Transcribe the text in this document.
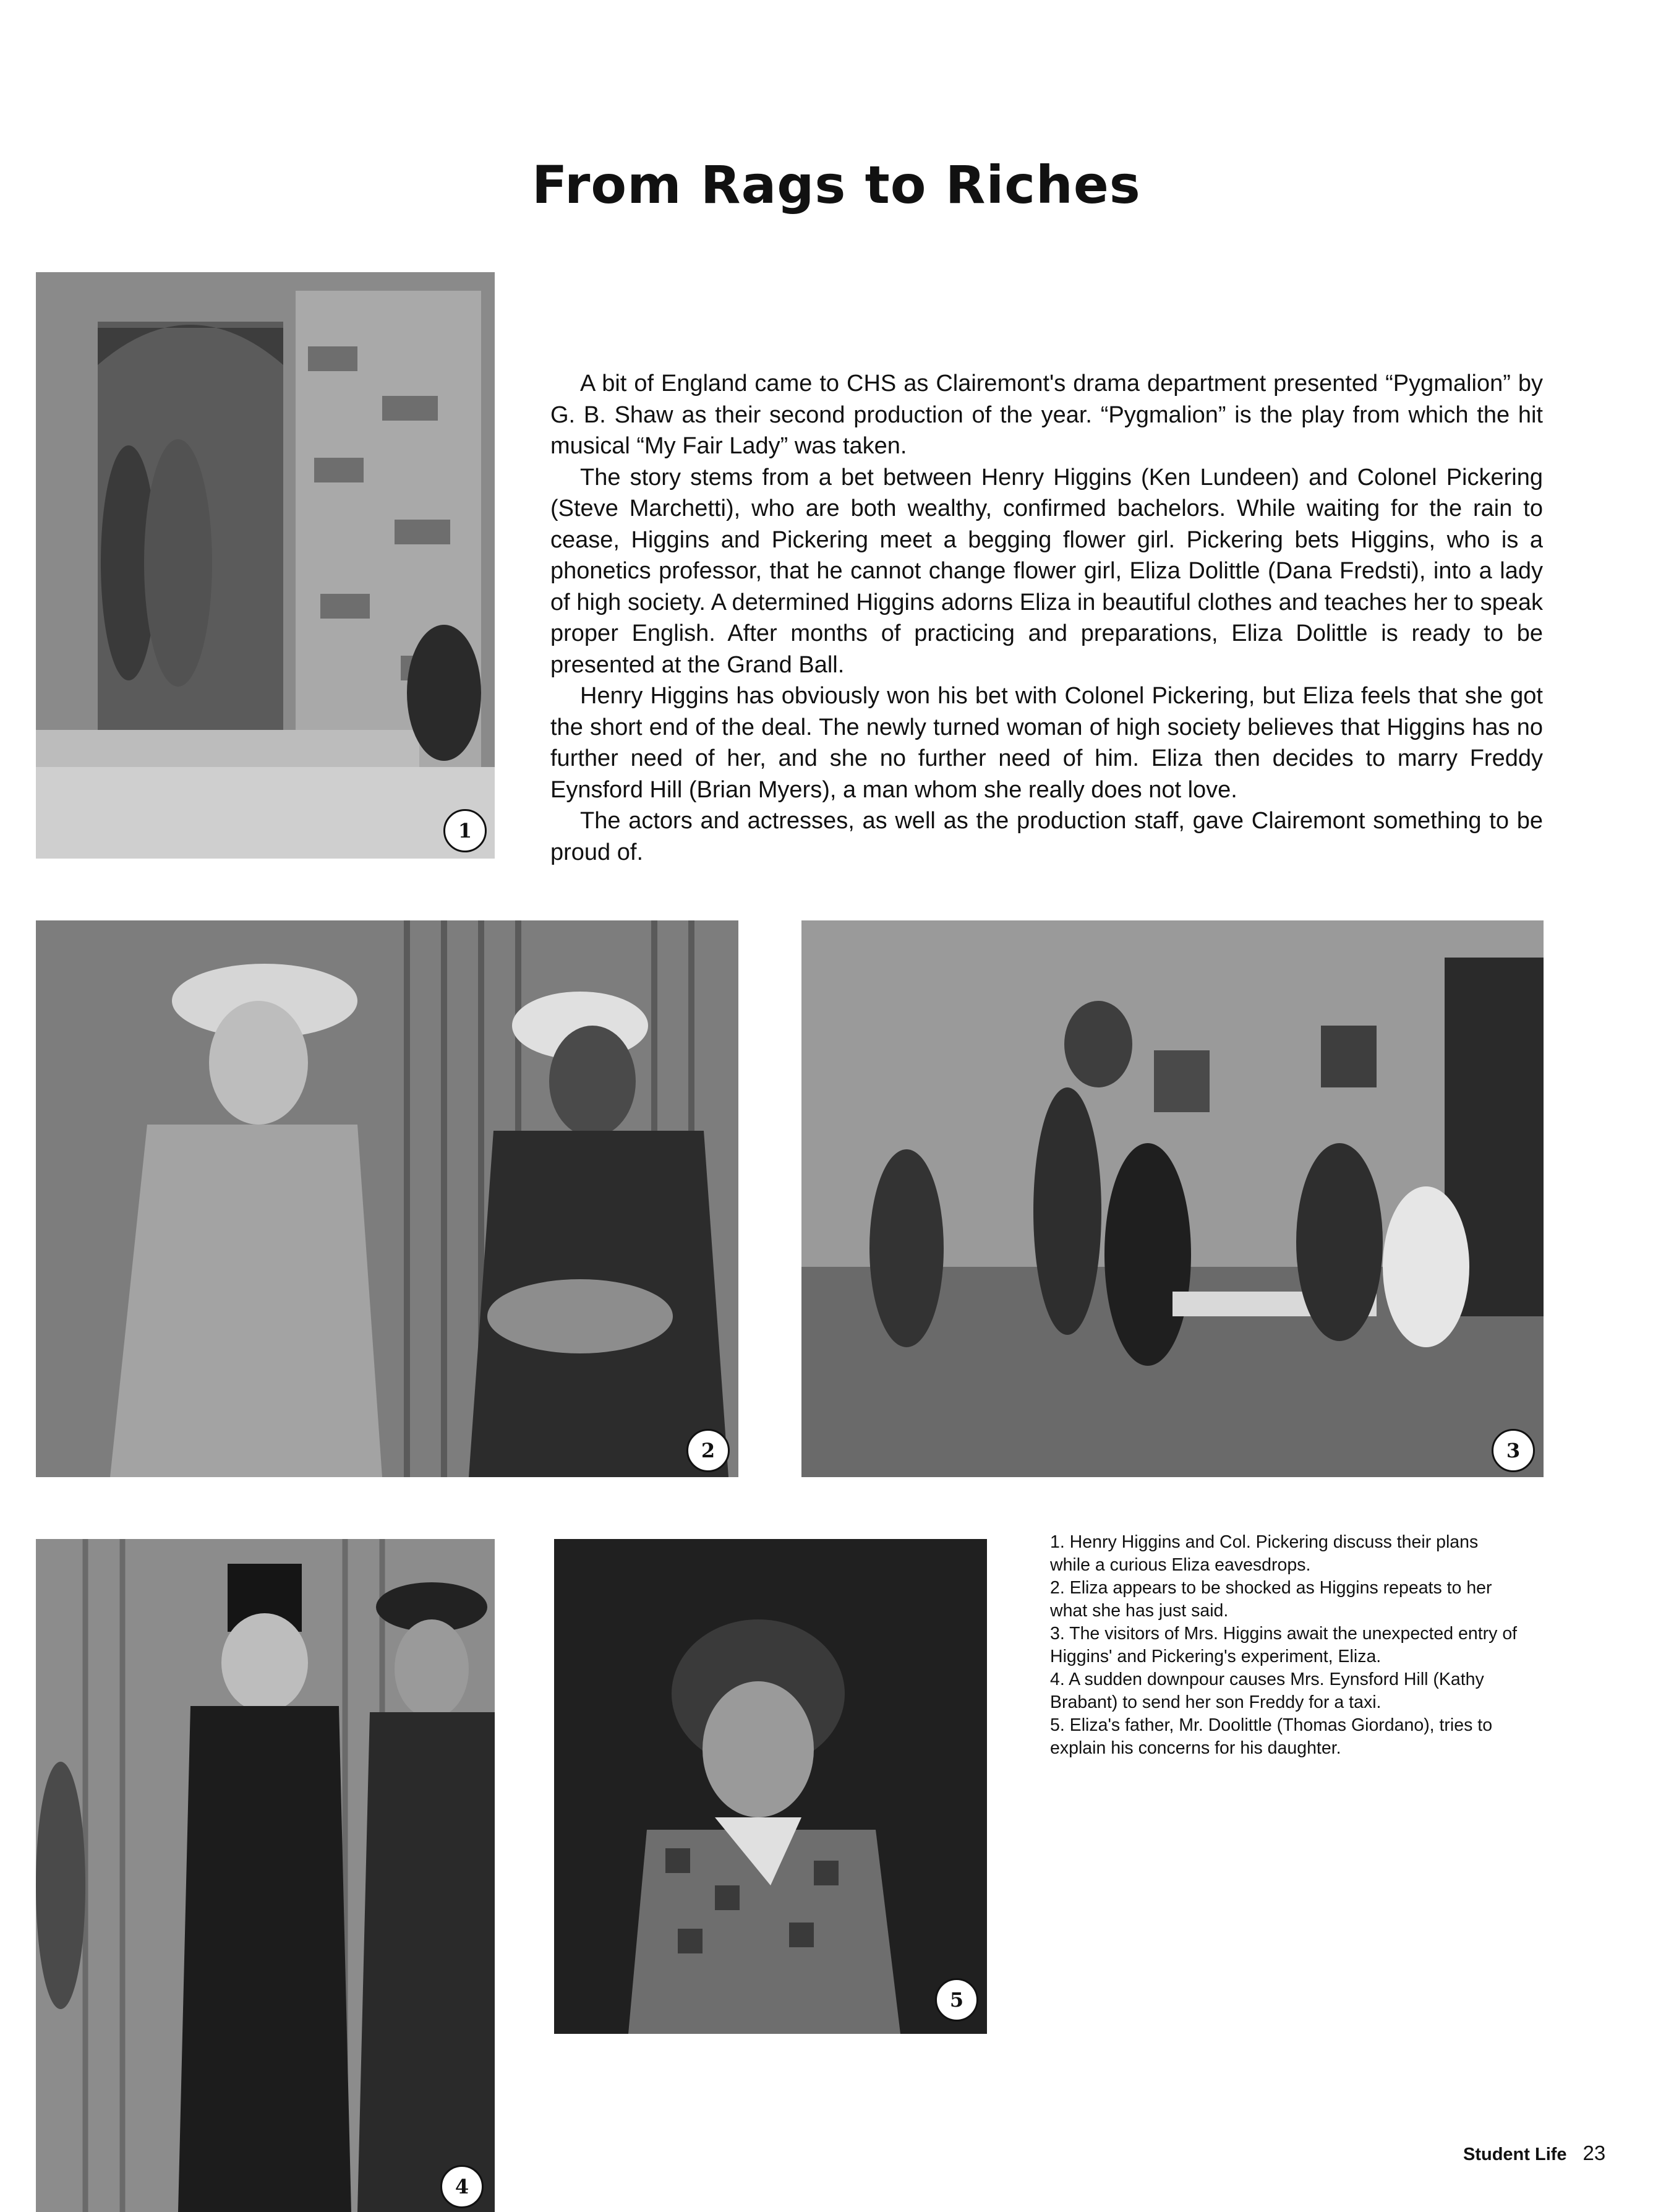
From Rags to Riches
1

A bit of England came to CHS as Clairemont's drama department presented “Pygmalion” by G. B. Shaw as their second production of the year. “Pygmalion” is the play from which the hit musical “My Fair Lady” was taken.

The story stems from a bet between Henry Higgins (Ken Lundeen) and Colonel Pickering (Steve Marchetti), who are both wealthy, confirmed bachelors. While waiting for the rain to cease, Higgins and Pickering meet a begging flower girl. Pickering bets Higgins, who is a phonetics professor, that he cannot change flower girl, Eliza Dolittle (Dana Fredsti), into a lady of high society. A determined Higgins adorns Eliza in beautiful clothes and teaches her to speak proper English. After months of practicing and preparations, Eliza Dolittle is ready to be presented at the Grand Ball.

Henry Higgins has obviously won his bet with Colonel Pickering, but Eliza feels that she got the short end of the deal. The newly turned woman of high society believes that Higgins has no further need of her, and she no further need of him. Eliza then decides to marry Freddy Eynsford Hill (Brian Myers), a man whom she really does not love.

The actors and actresses, as well as the production staff, gave Clairemont something to be proud of.

2	3
4
5
1. Henry Higgins and Col. Pickering discuss their plans while a curious Eliza eavesdrops.
2. Eliza appears to be shocked as Higgins repeats to her what she has just said.
3. The visitors of Mrs. Higgins await the unexpected entry of Higgins' and Pickering's experiment, Eliza.
4. A sudden downpour causes Mrs. Eynsford Hill (Kathy Brabant) to send her son Freddy for a taxi.
5. Eliza's father, Mr. Doolittle (Thomas Giordano), tries to explain his concerns for his daughter.
Student Life 23
